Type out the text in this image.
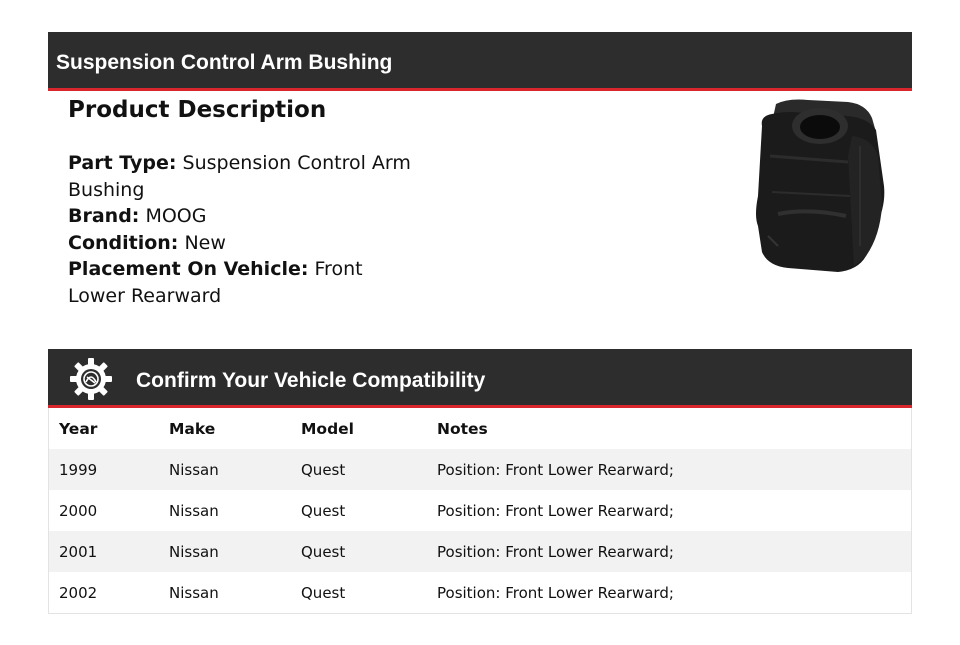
Suspension Control Arm Bushing
Product Description
Part Type: Suspension Control Arm Bushing
Brand: MOOG
Condition: New
Placement On Vehicle: Front Lower Rearward
Confirm Your Vehicle Compatibility
Year	Make	Model	Notes
1999	Nissan	Quest	Position: Front Lower Rearward;
2000	Nissan	Quest	Position: Front Lower Rearward;
2001	Nissan	Quest	Position: Front Lower Rearward;
2002	Nissan	Quest	Position: Front Lower Rearward;
